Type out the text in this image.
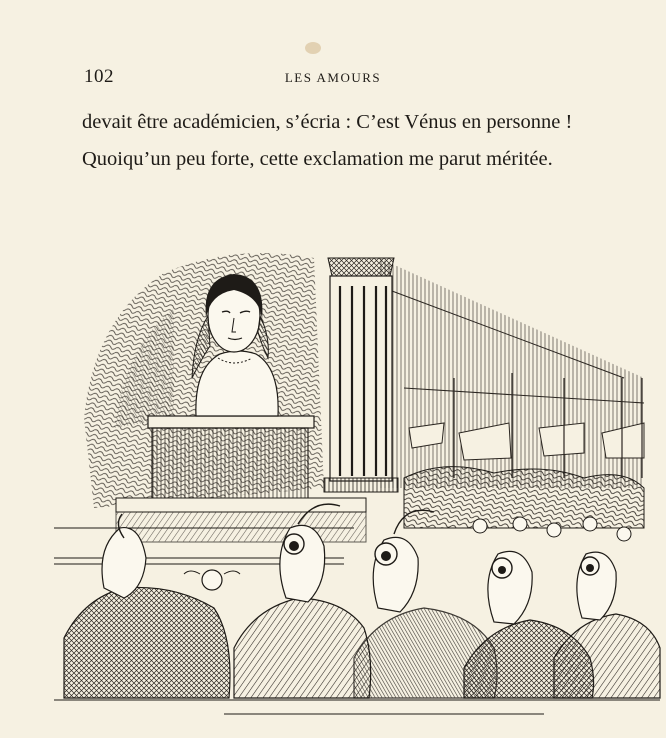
102	LES AMOURS
devait être académicien, s’écria : C’est Vénus en personne !
Quoiqu’un peu forte, cette exclamation me parut méritée.
